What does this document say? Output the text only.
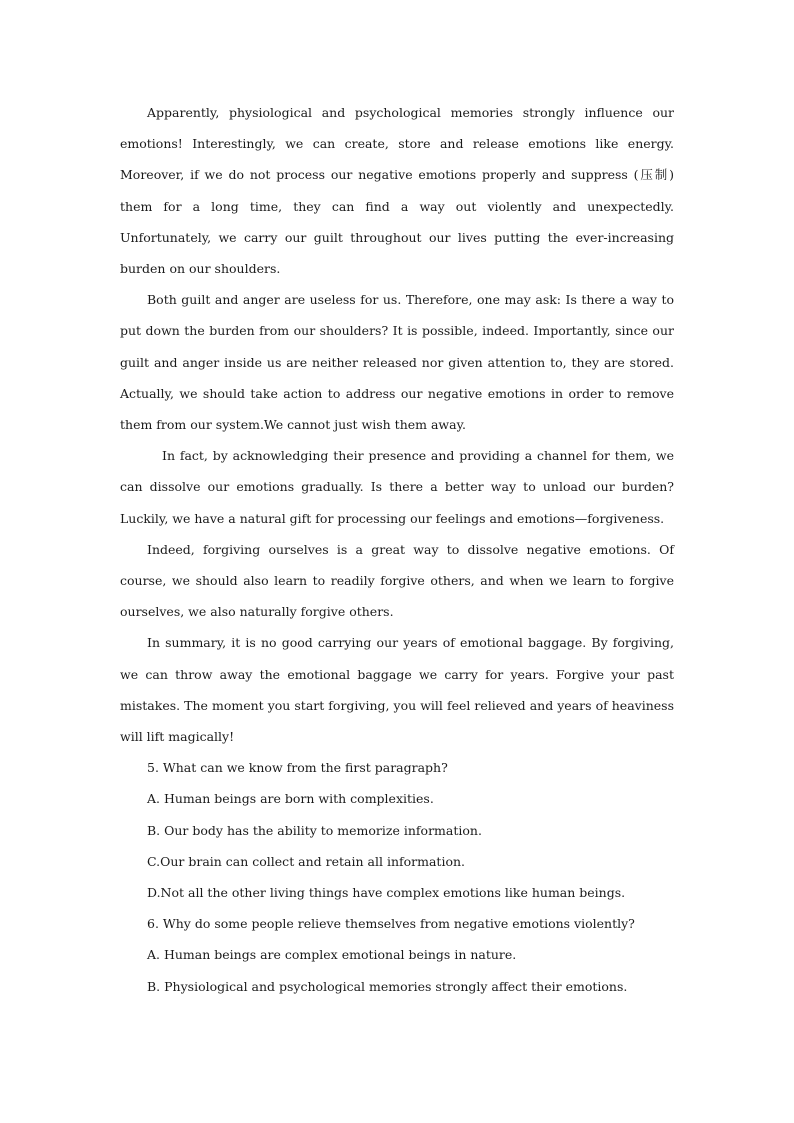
Apparently, physiological and psychological memories strongly influence our emotions! Interestingly, we can create, store and release emotions like energy. Moreover, if we do not process our negative emotions properly and suppress (压制) them for a long time, they can find a way out violently and unexpectedly. Unfortunately, we carry our guilt throughout our lives putting the ever-increasing burden on our shoulders.

Both guilt and anger are useless for us. Therefore, one may ask: Is there a way to put down the burden from our shoulders? It is possible, indeed. Importantly, since our guilt and anger inside us are neither released nor given attention to, they are stored. Actually, we should take action to address our negative emotions in order to remove them from our system.We cannot just wish them away.

In fact, by acknowledging their presence and providing a channel for them, we can dissolve our emotions gradually. Is there a better way to unload our burden? Luckily, we have a natural gift for processing our feelings and emotions—forgiveness.

Indeed, forgiving ourselves is a great way to dissolve negative emotions. Of course, we should also learn to readily forgive others, and when we learn to forgive ourselves, we also naturally forgive others.

In summary, it is no good carrying our years of emotional baggage. By forgiving, we can throw away the emotional baggage we carry for years. Forgive your past mistakes. The moment you start forgiving, you will feel relieved and years of heaviness will lift magically!

5. What can we know from the first paragraph?

A. Human beings are born with complexities.

B. Our body has the ability to memorize information.

C.Our brain can collect and retain all information.

D.Not all the other living things have complex emotions like human beings.

6. Why do some people relieve themselves from negative emotions violently?

A. Human beings are complex emotional beings in nature.

B. Physiological and psychological memories strongly affect their emotions.
